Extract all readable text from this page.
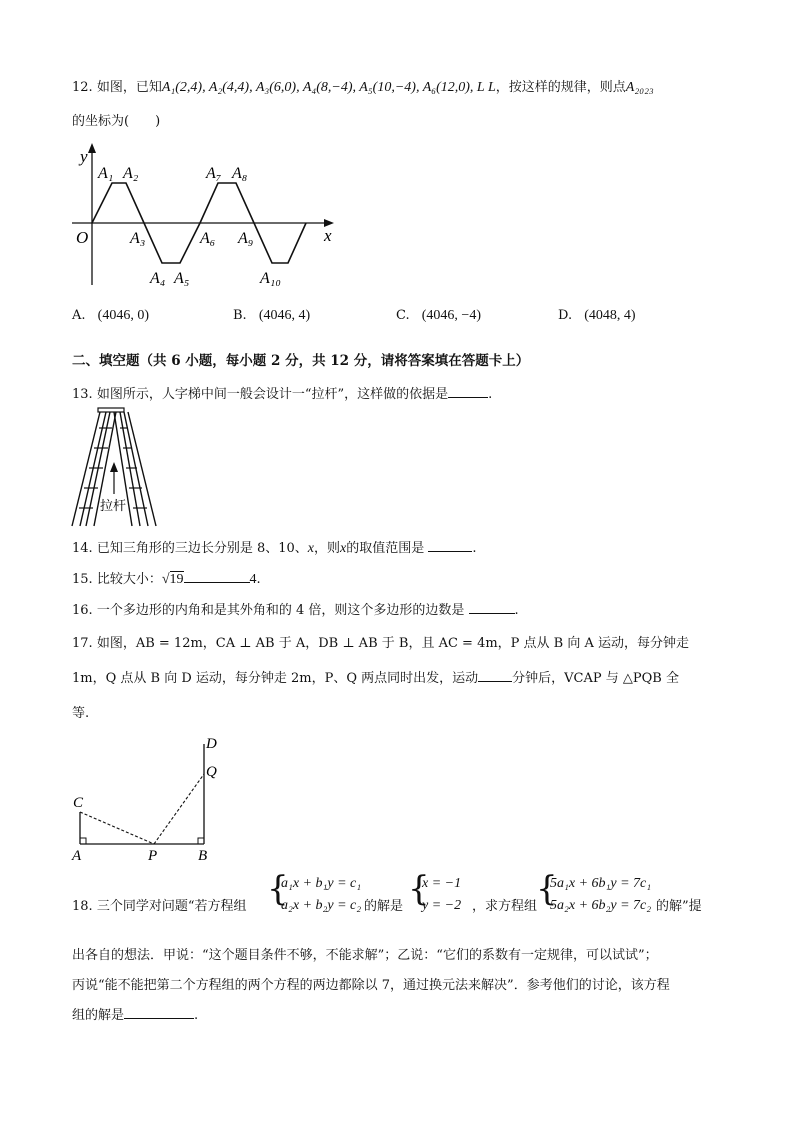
12. 如图，已知A₁(2,4), A₂(4,4), A₃(6,0), A₄(8,−4), A₅(10,−4), A₆(12,0), L L，按这样的规律，则点A₂₀₂₃
的坐标为(　　)
y
x
O
A₁ A₂
A₃
A₄ A₅
A₆
A₇ A₈
A₉
A₁₀
A. (4046, 0)	B. (4046, 4)	C. (4046, −4)	D. (4048, 4)
二、填空题（共 6 小题，每小题 2 分，共 12 分，请将答案填在答题卡上）
13. 如图所示，人字梯中间一般会设计一“拉杆”，这样做的依据是	.
拉杆
14. 已知三角形的三边长分别是 8、10、x，则x的取值范围是	.
15. 比较大小：√19	4.
16. 一个多边形的内角和是其外角和的 4 倍，则这个多边形的边数是	.
17. 如图，AB = 12m，CA ⊥ AB 于 A，DB ⊥ AB 于 B，且 AC = 4m，P 点从 B 向 A 运动，每分钟走
1m，Q 点从 B 向 D 运动，每分钟走 2m，P、Q 两点同时出发，运动	分钟后，VCAP 与 △PQB 全
等.
C
A	P	B
Q
D
18. 三个同学对问题“若方程组 {
a₁x + b₁y = c₁
a₂x + b₂y = c₂ 的解是 {
x = −1
y = −2 ，求方程组
{
5a₁x + 6b₁y = 7c₁
5a₂x + 6b₂y = 7c₂ 的解”提
出各自的想法．甲说：“这个题目条件不够，不能求解”；乙说：“它们的系数有一定规律，可以试试”；
丙说“能不能把第二个方程组的两个方程的两边都除以 7，通过换元法来解决”．参考他们的讨论，该方程
组的解是	.
